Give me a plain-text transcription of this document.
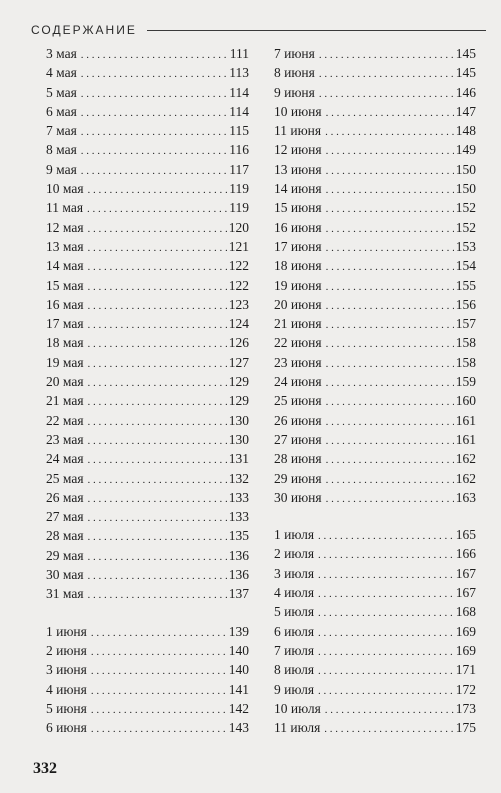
СОДЕРЖАНИЕ
3 мая . . .	111
4 мая . . .	113
5 мая . . .	114
6 мая . . .	114
7 мая . . .	115
8 мая . . .	116
9 мая . . .	117
10 мая . . .	119
11 мая . . .	119
12 мая . . .	120
13 мая . . .	121
14 мая . . .	122
15 мая . . .	122
16 мая . . .	123
17 мая . . .	124
18 мая . . .	126
19 мая . . .	127
20 мая . . .	129
21 мая . . .	129
22 мая . . .	130
23 мая . . .	130
24 мая . . .	131
25 мая . . .	132
26 мая . . .	133
27 мая . . .	133
28 мая . . .	135
29 мая . . .	136
30 мая . . .	136
31 мая . . .	137
1 июня . . .	139
2 июня . . .	140
3 июня . . .	140
4 июня . . .	141
5 июня . . .	142
6 июня . . .	143
7 июня . . .	145
8 июня . . .	145
9 июня . . .	146
10 июня . . .	147
11 июня . . .	148
12 июня . . .	149
13 июня . . .	150
14 июня . . .	150
15 июня . . .	152
16 июня . . .	152
17 июня . . .	153
18 июня . . .	154
19 июня . . .	155
20 июня . . .	156
21 июня . . .	157
22 июня . . .	158
23 июня . . .	158
24 июня . . .	159
25 июня . . .	160
26 июня . . .	161
27 июня . . .	161
28 июня . . .	162
29 июня . . .	162
30 июня . . .	163
1 июля . . .	165
2 июля . . .	166
3 июля . . .	167
4 июля . . .	167
5 июля . . .	168
6 июля . . .	169
7 июля . . .	169
8 июля . . .	171
9 июля . . .	172
10 июля . . .	173
11 июля . . .	175
332
